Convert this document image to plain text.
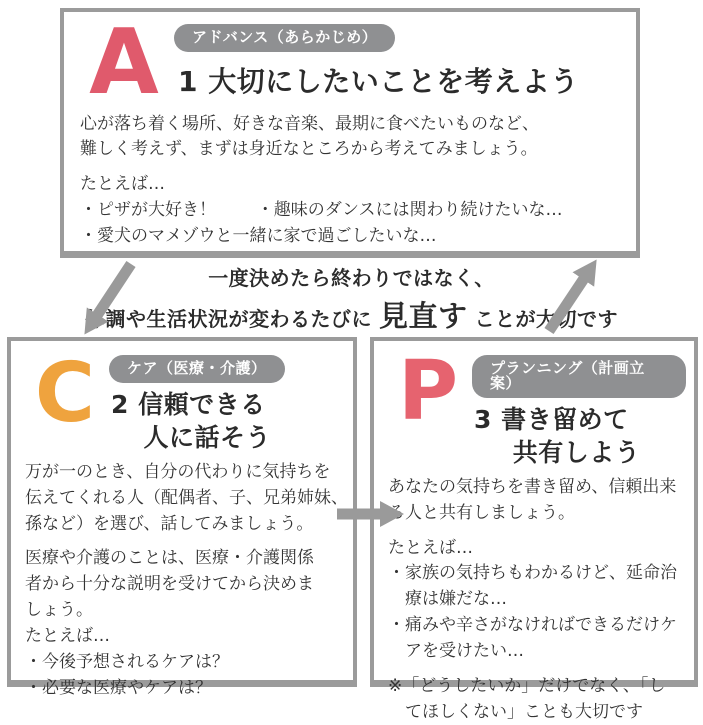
A	アドバンス（あらかじめ）
1 大切にしたいことを考えよう
心が落ち着く場所、好きな音楽、最期に食べたいものなど、
難しく考えず、まずは身近なところから考えてみましょう。
たとえば…
・ピザが大好き！ ・趣味のダンスには関わり続けたいな…
・愛犬のマメゾウと一緒に家で過ごしたいな…
一度決めたら終わりではなく、
体調や生活状況が変わるたびに 見直す ことが大切です
C	ケア（医療・介護）
2 信頼できる
人に話そう
万が一のとき、自分の代わりに気持ちを
伝えてくれる人（配偶者、子、兄弟姉妹、
孫など）を選び、話してみましょう。
医療や介護のことは、医療・介護関係
者から十分な説明を受けてから決めま
しょう。
たとえば…
・今後予想されるケアは？
・必要な医療やケアは？
P	プランニング（計画立案）
3 書き留めて
共有しよう
あなたの気持ちを書き留め、信頼出来
る人と共有しましょう。
たとえば…
・家族の気持ちもわかるけど、延命治
療は嫌だな…
・痛みや辛さがなければできるだけケ
アを受けたい…
※「どうしたいか」だけでなく、「し
てほしくない」ことも大切です
